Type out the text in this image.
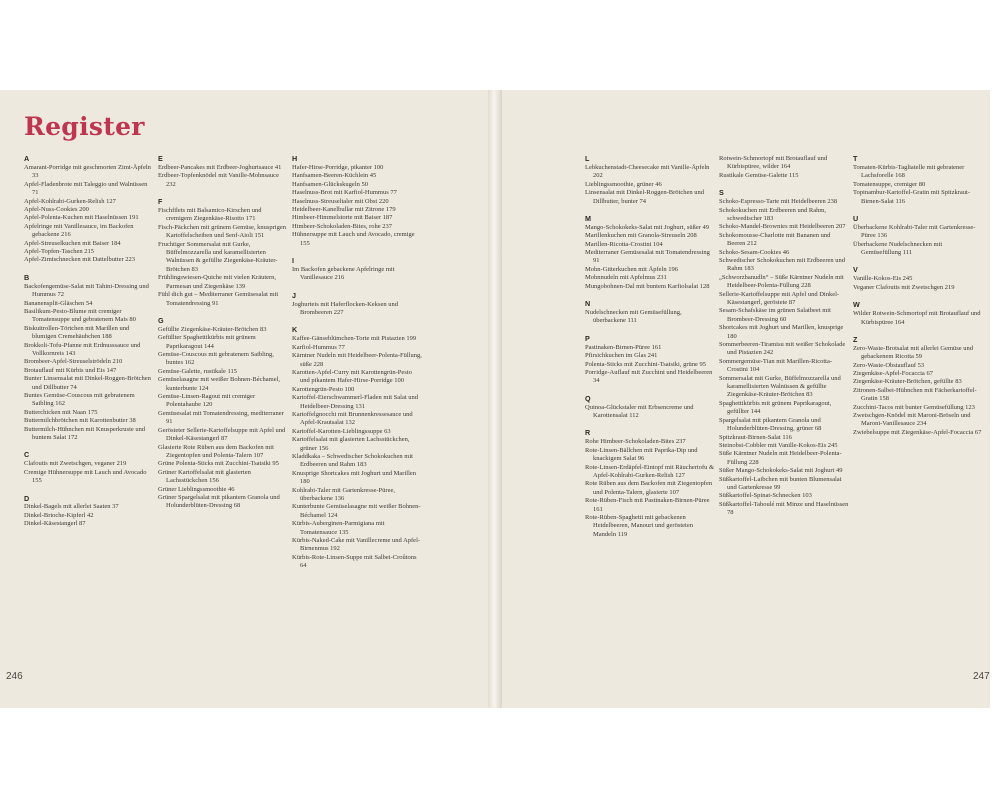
Register
A
Amarant-Porridge mit geschmorten Zimt-Äpfeln 33
Apfel-Fladenbrote mit Taleggio und Walnüssen 71
Apfel-Kohlrabi-Gurken-Relish 127
Apfel-Nuss-Cookies 200
Apfel-Polenta-Kuchen mit Haselnüssen 191
Apfelringe mit Vanillesauce, im Backofen gebackene 216
Apfel-Streuselkuchen mit Baiser 184
Apfel-Topfen-Taschen 215
Apfel-Zimtschnecken mit Dattelbutter 223
B
Backofengemüse-Salat mit Tahini-Dressing und Hummus 72
Bananensplit-Gläschen 54
Basilikum-Pesto-Blume mit cremiger Tomatensuppe und gebratenem Mais 80
Biskuitrollen-Törtchen mit Marillen und blumigen Cremehäubchen 188
Brokkoli-Tofu-Pfanne mit Erdnusssauce und Vollkornreis 143
Brombeer-Apfel-Streuselströdeln 210
Brotauflauf mit Kürbis und Eis 147
Bunter Linsensalat mit Dinkel-Roggen-Brötchen und Dillbutter 74
Buntes Gemüse-Couscous mit gebratenem Saibling 162
Butterchicken mit Naan 175
Buttermilchbrötchen mit Karottenbutter 38
Buttermilch-Hühnchen mit Knusperkruste und buntem Salat 172
C
Clafoutis mit Zwetschgen, veganer 219
Cremige Hühnersuppe mit Lauch und Avocado 155
D
Dinkel-Bagels mit allerlei Saaten 37
Dinkel-Brioche-Kipferl 42
Dinkel-Käsestangerl 87
E
Erdbeer-Pancakes mit Erdbeer-Joghurtsauce 41
Erdbeer-Topfenknödel mit Vanille-Mohnsauce 232
F
Fischfilets mit Balsamico-Kirschen und cremigem Ziegenkäse-Risotto 171
Fisch-Päckchen mit grünem Gemüse, knusprigen Kartoffelscheiben und Senf-Aioli 151
Fruchtiger Sommersalat mit Gurke, Büffelmozzarella und karamellisierten Walnüssen & gefüllte Ziegenkäse-Kräuter-Brötchen 83
Frühlingswiesen-Quiche mit vielen Kräutern, Parmesan und Ziegenkäse 139
Fühl dich gut – Mediterraner Gemüsesalat mit Tomatendressing 91
G
Gefüllte Ziegenkäse-Kräuter-Brötchen 83
Gefüllter Spaghettikürbis mit grünem Paprikaragout 144
Gemüse-Couscous mit gebratenem Saibling, buntes 162
Gemüse-Galette, rustikale 115
Gemüselasagne mit weißer Bohnen-Béchamel, kunterbunte 124
Gemüse-Linsen-Ragout mit cremiger Polentahaube 120
Gemüsesalat mit Tomatendressing, mediterraner 91
Gerösteter Sellerie-Kartoffelsuppe mit Apfel und Dinkel-Käsestangerl 87
Glasierte Rote Rüben aus dem Backofen mit Ziegentopfen und Polenta-Talern 107
Grüne Polenta-Sticks mit Zucchini-Tsatsiki 95
Grüner Kartoffelsalat mit glasierten Lachsstückchen 156
Grüner Lieblingssmoothie 46
Grüner Spargelsalat mit pikantem Granola und Holunderblüten-Dressing 68
H
Hafer-Hirse-Porridge, pikanter 100
Hanfsamen-Beeren-Küchlein 45
Hanfsamen-Glückskugeln 50
Haselnuss-Brot mit Karfiol-Hummus 77
Haselnuss-Streuseltaler mit Obst 220
Heidelbeer-Kanelbullar mit Zitrone 179
Himbeer-Himmelstorte mit Baiser 187
Himbeer-Schokoladen-Bites, rohe 237
Hühnersuppe mit Lauch und Avocado, cremige 155
I
Im Backofen gebackene Apfelringe mit Vanillesauce 216
J
Joghurteis mit Haferflocken-Keksen und Brombeeren 227
K
Kaffee-Gänseblümchen-Torte mit Pistazien 199
Karfiol-Hummus 77
Kärntner Nudeln mit Heidelbeer-Polenta-Füllung, süße 228
Karotten-Apfel-Curry mit Karottengrün-Pesto und pikantem Hafer-Hirse-Porridge 100
Karottengrün-Pesto 100
Kartoffel-Eierschwammerl-Fladen mit Salat und Heidelbeer-Dressing 131
Kartoffelgnocchi mit Brunnenkressesauce und Apfel-Krautsalat 132
Kartoffel-Karotten-Lieblingssuppe 63
Kartoffelsalat mit glasierten Lachsstückchen, grüner 156
Kladdkaka – Schwedischer Schokokuchen mit Erdbeeren und Rahm 183
Knusprige Shortcakes mit Joghurt und Marillen 180
Kohlrabi-Taler mit Gartenkresse-Püree, überbackene 136
Kunterbunte Gemüselasagne mit weißer Bohnen-Béchamel 124
Kürbis-Auberginen-Parmigiana mit Tomatensauce 135
Kürbis-Naked-Cake mit Vanillecreme und Apfel-Birnenmus 192
Kürbis-Rote-Linsen-Suppe mit Salbei-Croûtons 64
L
Lebkuchenstadt-Cheesecake mit Vanille-Äpfeln 202
Lieblingssmoothie, grüner 46
Linsensalat mit Dinkel-Roggen-Brötchen und Dillbutter, bunter 74
M
Mango-Schokokeks-Salat mit Joghurt, süßer 49
Marillenkuchen mit Granola-Streuseln 208
Marillen-Ricotta-Crostini 104
Mediterraner Gemüsesalat mit Tomatendressing 91
Mohn-Gitterkuchen mit Äpfeln 196
Mohnnudeln mit Apfelmus 231
Mungobohnen-Dal mit buntem Karfiolsalat 128
N
Nudelschnecken mit Gemüsefüllung, überbackene 111
P
Pastinaken-Birnen-Püree 161
Pfirsichkuchen im Glas 241
Polenta-Sticks mit Zucchini-Tsatsiki, grüne 95
Porridge-Auflauf mit Zucchini und Heidelbeeren 34
Q
Quinoa-Glückstaler mit Erbsencreme und Karottensalat 112
R
Rohe Himbeer-Schokoladen-Bites 237
Rote-Linsen-Bällchen mit Paprika-Dip und knackigem Salat 96
Rote-Linsen-Erdäpfel-Eintopf mit Räuchertofu & Apfel-Kohlrabi-Gurken-Relish 127
Rote Rüben aus dem Backofen mit Ziegentopfen und Polenta-Talern, glasierte 107
Rote-Rüben-Fisch mit Pastinaken-Birnen-Püree 161
Rote-Rüben-Spaghetti mit gebackenen Heidelbeeren, Manouri und gerösteten Mandeln 119
Rotwein-Schmortopf mit Brotauflauf und Kürbispüree, wilder 164
Rustikale Gemüse-Galette 115
S
Schoko-Espresso-Tarte mit Heidelbeeren 238
Schokokuchen mit Erdbeeren und Rahm, schwedischer 183
Schoko-Mandel-Brownies mit Heidelbeeren 207
Schokomousse-Charlotte mit Bananen und Beeren 212
Schoko-Sesam-Cookies 46
Schwedischer Schokokuchen mit Erdbeeren und Rahm 183
„Schworzbanudln“ – Süße Kärntner Nudeln mit Heidelbeer-Polenta-Füllung 228
Sellerie-Kartoffelsuppe mit Apfel und Dinkel-Käsestangerl, geröstete 87
Sesam-Schafskäse im grünen Salatbeet mit Brombeer-Dressing 60
Shortcakes mit Joghurt und Marillen, knusprige 180
Sommerbeeren-Tiramisu mit weißer Schokolade und Pistazien 242
Sommergemüse-Tian mit Marillen-Ricotta-Crostini 104
Sommersalat mit Gurke, Büffelmozzarella und karamellisierten Walnüssen & gefüllte Ziegenkäse-Kräuter-Brötchen 83
Spaghettikürbis mit grünem Paprikaragout, gefüllter 144
Spargelsalat mit pikantem Granola und Holunderblüten-Dressing, grüner 68
Spitzkraut-Birnen-Salat 116
Steinobst-Cobbler mit Vanille-Kokos-Eis 245
Süße Kärntner Nudeln mit Heidelbeer-Polenta-Füllung 228
Süßer Mango-Schokokeks-Salat mit Joghurt 49
Süßkartoffel-Laibchen mit bunten Blumensalat und Gartenkresse 99
Süßkartoffel-Spinat-Schnecken 103
Süßkartoffel-Taboulé mit Minze und Haselnüssen 78
T
Tomaten-Kürbis-Tagliatelle mit gebratener Lachsforelle 168
Tomatensuppe, cremiger 80
Topinambur-Kartoffel-Gratin mit Spitzkraut-Birnen-Salat 116
U
Überbackene Kohlrabi-Taler mit Gartenkresse-Püree 136
Überbackene Nudelschnecken mit Gemüsefüllung 111
V
Vanille-Kokos-Eis 245
Veganer Clafoutis mit Zwetschgen 219
W
Wilder Rotwein-Schmortopf mit Brotauflauf und Kürbispüree 164
Z
Zero-Waste-Brotsalat mit allerlei Gemüse und gebackenem Ricotta 59
Zero-Waste-Obstauflauf 53
Ziegenkäse-Apfel-Focaccia 67
Ziegenkäse-Kräuter-Brötchen, gefüllte 83
Zitronen-Salbei-Hühnchen mit Fächerkartoffel-Gratin 158
Zucchini-Tacos mit bunter Gemüsefüllung 123
Zwetschgen-Knödel mit Maroni-Bröseln und Maroni-Vanillesauce 234
Zwiebelsuppe mit Ziegenkäse-Apfel-Focaccia 67
246	247
